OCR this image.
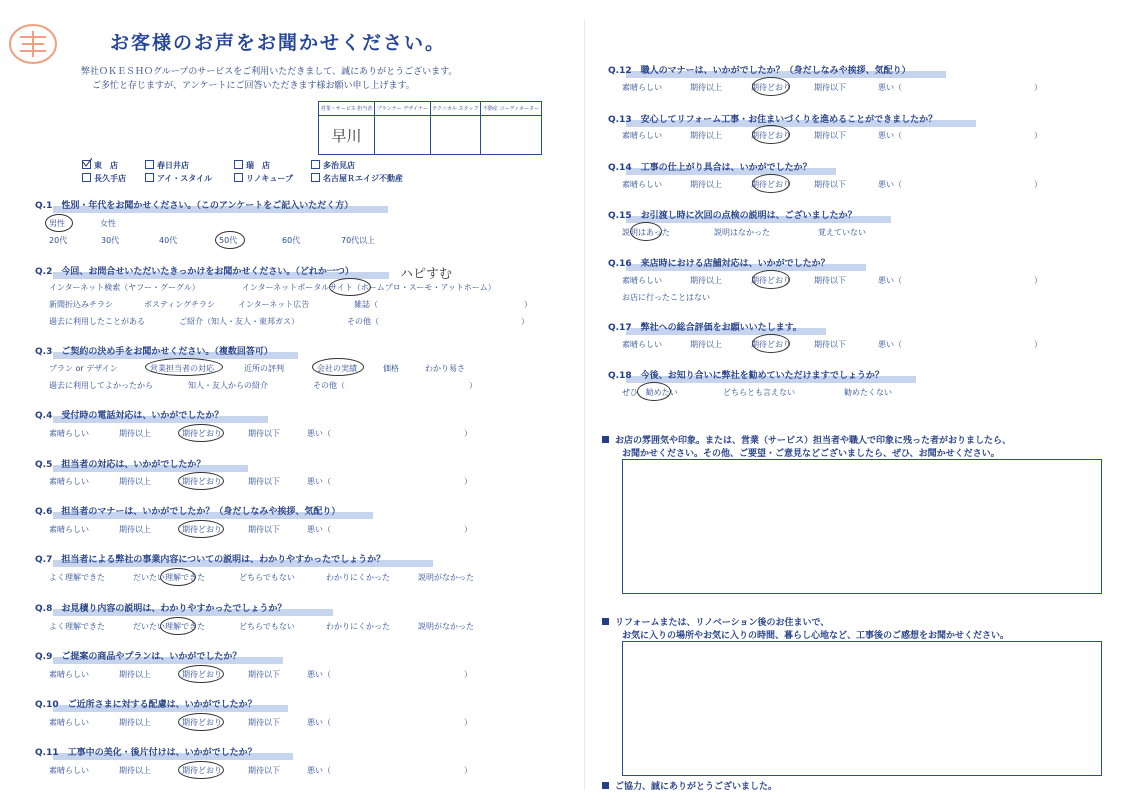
お客様のお声をお聞かせください。
弊社ＯＫＥＳＨＯグループのサービスをご利用いただきまして、誠にありがとうございます。
ご多忙と存じますが、アンケートにご回答いただきます様お願い申し上げます。
営業・サービス 担当者	プランナー デザイナー	テクニカル スタッフ	不動産 コーディネーター
早川			
東　店	春日井店	瑞　店	多治見店
長久手店	アイ・スタイル	リノキューブ	名古屋Ｒエイジ不動産
Q.1　性別・年代をお聞かせください。（このアンケートをご記入いただく方）
男性	女性
20代	30代	40代	50代	60代	70代以上
Q.2　今回、お問合せいただいたきっかけをお聞かせください。（どれか一つ）	ハピすむ
インターネット検索（ヤフー・グーグル）	インターネットポータルサイト（ホームプロ・スーモ・アットホーム）
新聞折込みチラシ	ポスティングチラシ	インターネット広告	雑誌（	）
過去に利用したことがある	ご紹介（知人・友人・東邦ガス）	その他（	）
Q.3　ご契約の決め手をお聞かせください。（複数回答可）
プラン or デザイン	営業担当者の対応	近所の評判	会社の実績	価格	わかり易さ
過去に利用してよかったから	知人・友人からの紹介	その他（	）
Q.4　受付時の電話対応は、いかがでしたか？
素晴らしい	期待以上	期待どおり	期待以下	悪い（	）
Q.5　担当者の対応は、いかがでしたか？
素晴らしい	期待以上	期待どおり	期待以下	悪い（	）
Q.6　担当者のマナーは、いかがでしたか？（身だしなみや挨拶、気配り）
素晴らしい	期待以上	期待どおり	期待以下	悪い（	）
Q.7　担当者による弊社の事業内容についての説明は、わかりやすかったでしょうか？
よく理解できた	だいたい理解できた	どちらでもない	わかりにくかった	説明がなかった
Q.8　お見積り内容の説明は、わかりやすかったでしょうか？
よく理解できた	だいたい理解できた	どちらでもない	わかりにくかった	説明がなかった
Q.9　ご提案の商品やプランは、いかがでしたか？
素晴らしい	期待以上	期待どおり	期待以下	悪い（	）
Q.10　ご近所さまに対する配慮は、いかがでしたか？
素晴らしい	期待以上	期待どおり	期待以下	悪い（	）
Q.11　工事中の美化・後片付けは、いかがでしたか？
素晴らしい	期待以上	期待どおり	期待以下	悪い（	）
Q.12　職人のマナーは、いかがでしたか？（身だしなみや挨拶、気配り）
素晴らしい	期待以上	期待どおり	期待以下	悪い（	）
Q.13　安心してリフォーム工事・お住まいづくりを進めることができましたか？
素晴らしい	期待以上	期待どおり	期待以下	悪い（	）
Q.14　工事の仕上がり具合は、いかがでしたか？
素晴らしい	期待以上	期待どおり	期待以下	悪い（	）
Q.15　お引渡し時に次回の点検の説明は、ございましたか？
説明はあった	説明はなかった	覚えていない
Q.16　来店時における店舗対応は、いかがでしたか？
素晴らしい	期待以上	期待どおり	期待以下	悪い（	）
お店に行ったことはない
Q.17　弊社への総合評価をお願いいたします。
素晴らしい	期待以上	期待どおり	期待以下	悪い（	）
Q.18　今後、お知り合いに弊社を勧めていただけますでしょうか？
ぜひ、勧めたい	どちらとも言えない	勧めたくない
お店の雰囲気や印象。または、営業（サービス）担当者や職人で印象に残った者がおりましたら、
お聞かせください。その他、ご要望・ご意見などございましたら、ぜひ、お聞かせください。
リフォームまたは、リノベーション後のお住まいで、
お気に入りの場所やお気に入りの時間、暮らし心地など、工事後のご感想をお聞かせください。
ご協力、誠にありがとうございました。
